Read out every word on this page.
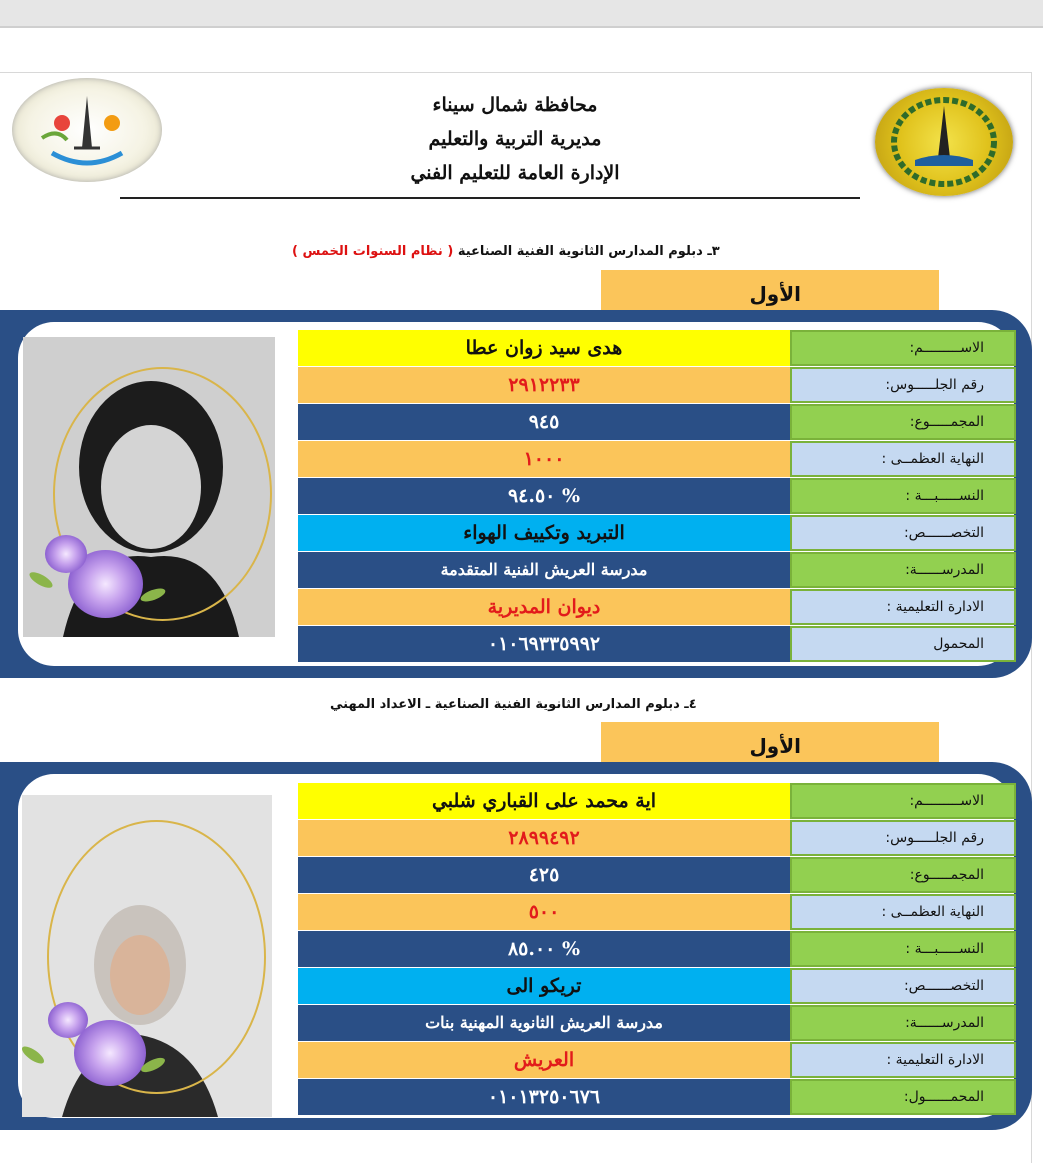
محافظة شمال سيناء
مديرية التربية والتعليم
الإدارة العامة للتعليم الفني
٣ـ دبلوم المدارس الثانوية الفنية الصناعية ( نظام السنوات الخمس )
الأول
الاســـــــــم:
هدى سيد زوان عطا
رقم الجلـــــوس:
٢٩١٢٢٣٣
المجمـــــوع:
٩٤٥
النهاية العظمــى :
١٠٠٠
النســـــبـــة :
% ٩٤.٥٠
التخصــــــص:
التبريد وتكييف الهواء
المدرســــــة:
مدرسة العريش الفنية المتقدمة
الادارة التعليمية :
ديوان المديرية
المحمول
٠١٠٦٩٣٣٥٩٩٢
٤ـ دبلوم المدارس الثانوية الفنية الصناعية ـ الاعداد المهني
الأول
الاســـــــــم:
اية محمد على القباري شلبي
رقم الجلـــــوس:
٢٨٩٩٤٩٢
المجمـــــوع:
٤٢٥
النهاية العظمــى :
٥٠٠
النســـــبـــة :
% ٨٥.٠٠
التخصــــــص:
تريكو الى
المدرســــــة:
مدرسة العريش الثانوية المهنية بنات
الادارة التعليمية :
العريش
المحمــــــول:
٠١٠١٣٢٥٠٦٧٦
